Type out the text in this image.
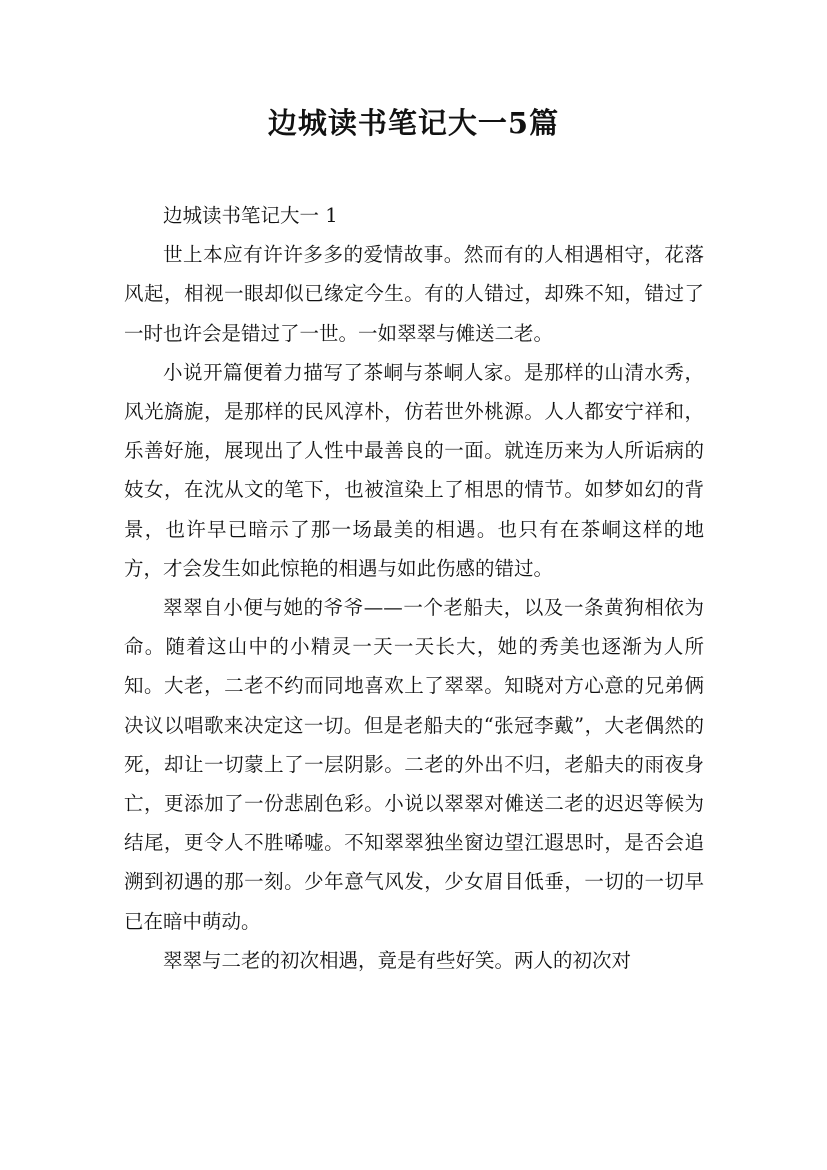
边城读书笔记大一5篇

边城读书笔记大一 1

世上本应有许许多多的爱情故事。然而有的人相遇相守，花落风起，相视一眼却似已缘定今生。有的人错过，却殊不知，错过了一时也许会是错过了一世。一如翠翠与傩送二老。

小说开篇便着力描写了茶峒与茶峒人家。是那样的山清水秀，风光旖旎，是那样的民风淳朴，仿若世外桃源。人人都安宁祥和，乐善好施，展现出了人性中最善良的一面。就连历来为人所诟病的妓女，在沈从文的笔下，也被渲染上了相思的情节。如梦如幻的背景，也许早已暗示了那一场最美的相遇。也只有在茶峒这样的地方，才会发生如此惊艳的相遇与如此伤感的错过。

翠翠自小便与她的爷爷——一个老船夫，以及一条黄狗相依为命。随着这山中的小精灵一天一天长大，她的秀美也逐渐为人所知。大老，二老不约而同地喜欢上了翠翠。知晓对方心意的兄弟俩决议以唱歌来决定这一切。但是老船夫的“张冠李戴”，大老偶然的死，却让一切蒙上了一层阴影。二老的外出不归，老船夫的雨夜身亡，更添加了一份悲剧色彩。小说以翠翠对傩送二老的迟迟等候为结尾，更令人不胜唏嘘。不知翠翠独坐窗边望江遐思时，是否会追溯到初遇的那一刻。少年意气风发，少女眉目低垂，一切的一切早已在暗中萌动。

翠翠与二老的初次相遇，竟是有些好笑。两人的初次对
